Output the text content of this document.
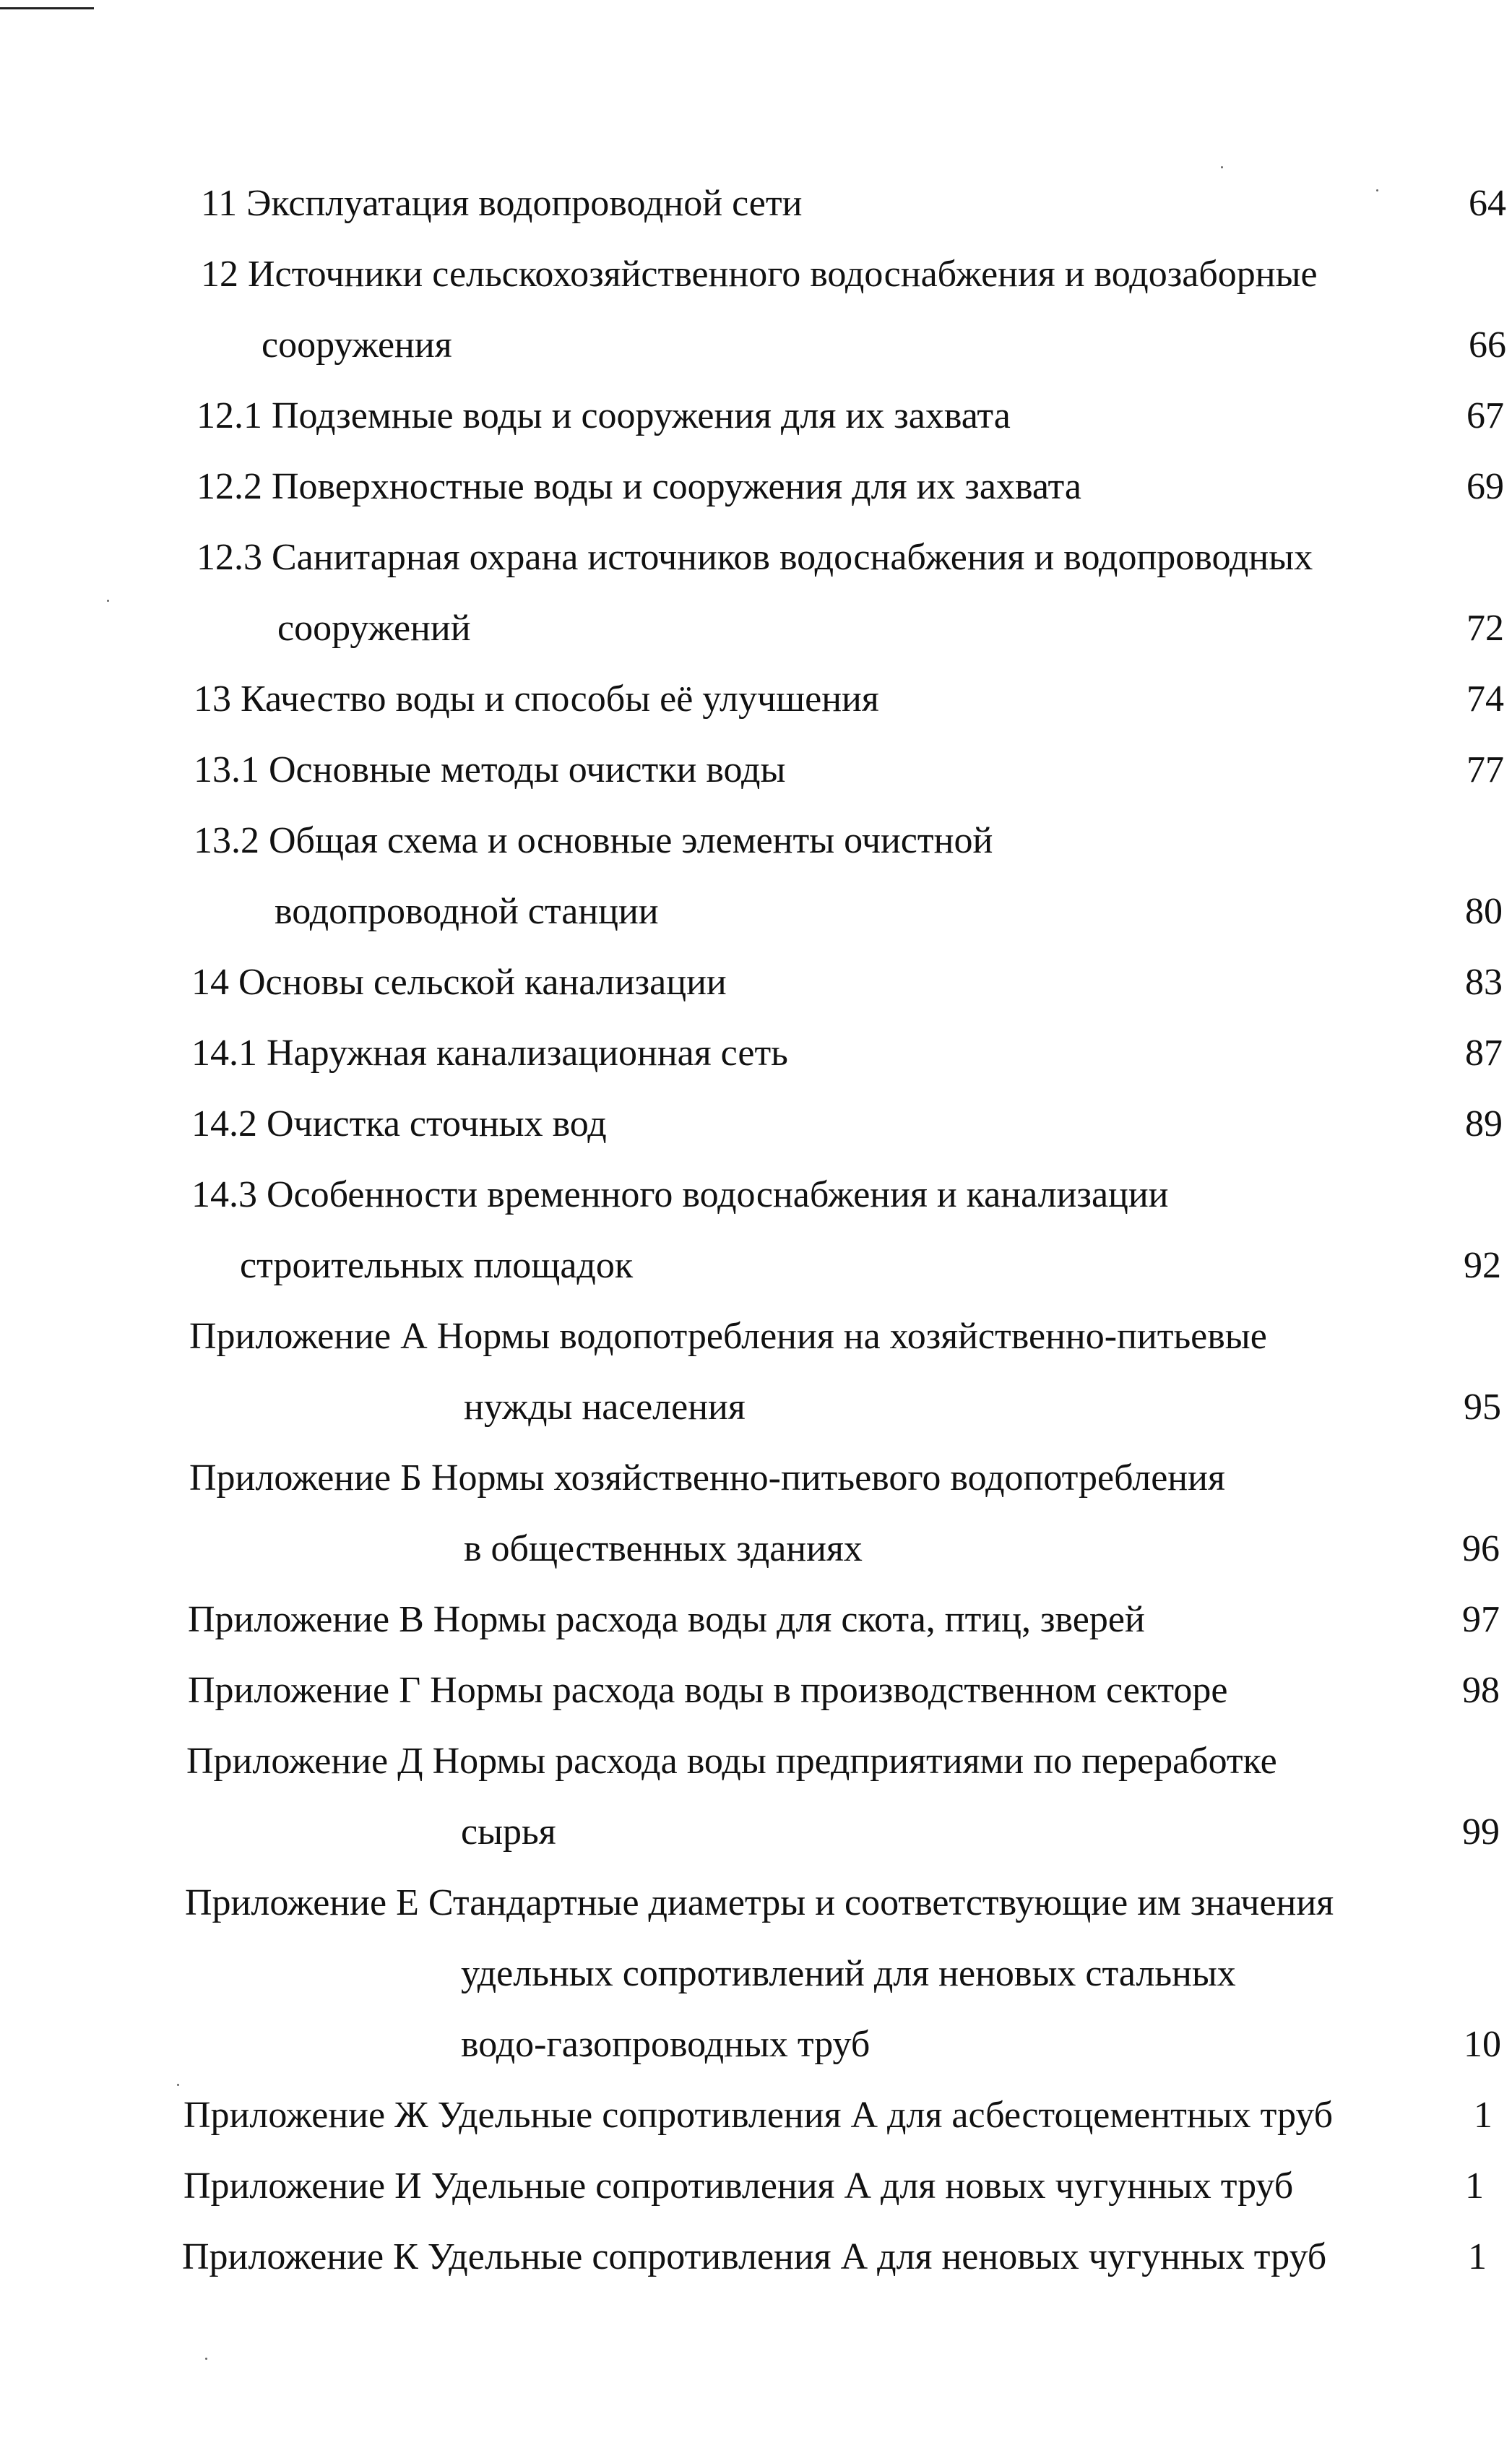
11 Эксплуатация водопроводной сети	64
12 Источники сельскохозяйственного водоснабжения и водозаборные
сооружения	66
12.1 Подземные воды и сооружения для их захвата	67
12.2 Поверхностные воды и сооружения для их захвата	69
12.3 Санитарная охрана источников водоснабжения и водопроводных
сооружений	72
13 Качество воды и способы её улучшения	74
13.1 Основные методы очистки воды	77
13.2 Общая схема и основные элементы очистной
водопроводной станции	80
14 Основы сельской канализации	83
14.1 Наружная канализационная сеть	87
14.2 Очистка сточных вод	89
14.3 Особенности временного водоснабжения и канализации
строительных площадок	92
Приложение А Нормы водопотребления на хозяйственно-питьевые
нужды населения	95
Приложение Б Нормы хозяйственно-питьевого водопотребления
в общественных зданиях	96
Приложение В Нормы расхода воды для скота, птиц, зверей	97
Приложение Г Нормы расхода воды в производственном секторе	98
Приложение Д Нормы расхода воды предприятиями по переработке
сырья	99
Приложение Е Стандартные диаметры и соответствующие им значения
удельных сопротивлений для неновых стальных
водо-газопроводных труб	10
Приложение Ж Удельные сопротивления А для асбестоцементных труб	1
Приложение И Удельные сопротивления А для новых чугунных труб	1
Приложение К Удельные сопротивления А для неновых чугунных труб	1
